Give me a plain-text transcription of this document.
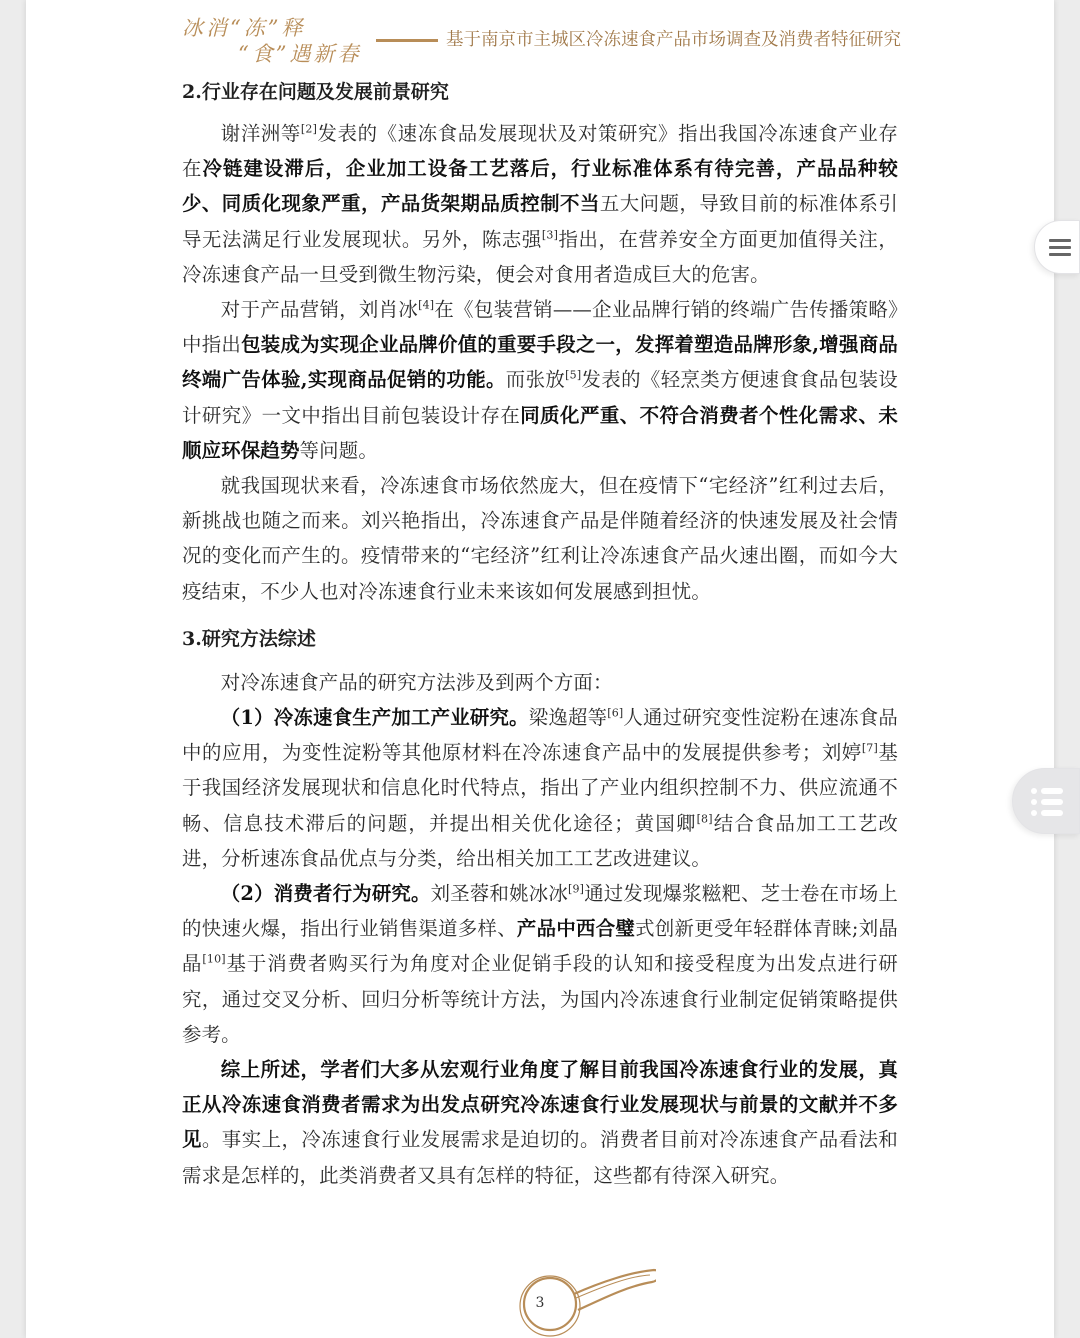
冰消“冻”释
“食”遇新春
基于南京市主城区冷冻速食产品市场调查及消费者特征研究
2.行业存在问题及发展前景研究

谢洋洲等[2]发表的《速冻食品发展现状及对策研究》指出我国冷冻速食产业存在冷链建设滞后，企业加工设备工艺落后，行业标准体系有待完善，产品品种较少、同质化现象严重，产品货架期品质控制不当五大问题，导致目前的标准体系引导无法满足行业发展现状。另外，陈志强[3]指出，在营养安全方面更加值得关注，冷冻速食产品一旦受到微生物污染，便会对食用者造成巨大的危害。

对于产品营销，刘肖冰[4]在《包装营销——企业品牌行销的终端广告传播策略》中指出包装成为实现企业品牌价值的重要手段之一，发挥着塑造品牌形象,增强商品终端广告体验,实现商品促销的功能。而张放[5]发表的《轻烹类方便速食食品包装设计研究》一文中指出目前包装设计存在同质化严重、不符合消费者个性化需求、未顺应环保趋势等问题。

就我国现状来看，冷冻速食市场依然庞大，但在疫情下“宅经济”红利过去后，新挑战也随之而来。刘兴艳指出，冷冻速食产品是伴随着经济的快速发展及社会情况的变化而产生的。疫情带来的“宅经济”红利让冷冻速食产品火速出圈，而如今大疫结束，不少人也对冷冻速食行业未来该如何发展感到担忧。

3.研究方法综述

对冷冻速食产品的研究方法涉及到两个方面：

（1）冷冻速食生产加工产业研究。梁逸超等[6]人通过研究变性淀粉在速冻食品中的应用，为变性淀粉等其他原材料在冷冻速食产品中的发展提供参考；刘婷[7]基于我国经济发展现状和信息化时代特点，指出了产业内组织控制不力、供应流通不畅、信息技术滞后的问题，并提出相关优化途径；黄国卿[8]结合食品加工工艺改进，分析速冻食品优点与分类，给出相关加工工艺改进建议。

（2）消费者行为研究。刘圣蓉和姚冰冰[9]通过发现爆浆糍粑、芝士卷在市场上的快速火爆，指出行业销售渠道多样、产品中西合璧式创新更受年轻群体青睐;刘晶晶[10]基于消费者购买行为角度对企业促销手段的认知和接受程度为出发点进行研究，通过交叉分析、回归分析等统计方法，为国内冷冻速食行业制定促销策略提供参考。

综上所述，学者们大多从宏观行业角度了解目前我国冷冻速食行业的发展，真正从冷冻速食消费者需求为出发点研究冷冻速食行业发展现状与前景的文献并不多见。事实上，冷冻速食行业发展需求是迫切的。消费者目前对冷冻速食产品看法和需求是怎样的，此类消费者又具有怎样的特征，这些都有待深入研究。

3
